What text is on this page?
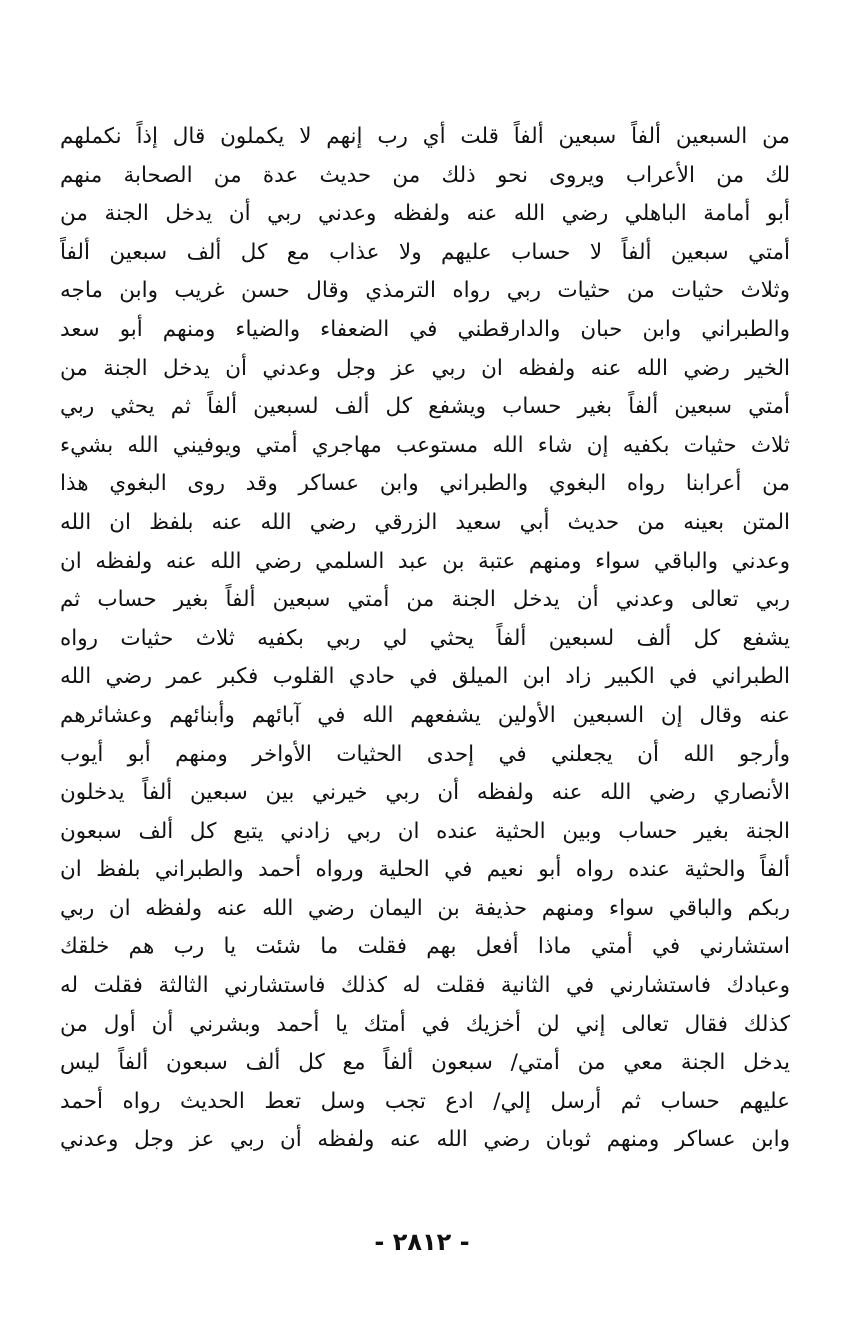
من السبعين ألفاً سبعين ألفاً قلت أي رب إنهم لا يكملون قال إذاً نكملهم
لك من الأعراب ويروى نحو ذلك من حديث عدة من الصحابة منهم
أبو أمامة الباهلي رضي الله عنه ولفظه وعدني ربي أن يدخل الجنة من
أمتي سبعين ألفاً لا حساب عليهم ولا عذاب مع كل ألف سبعين ألفاً
وثلاث حثيات من حثيات ربي رواه الترمذي وقال حسن غريب وابن ماجه
والطبراني وابن حبان والدارقطني في الضعفاء والضياء ومنهم أبو سعد
الخير رضي الله عنه ولفظه ان ربي عز وجل وعدني أن يدخل الجنة من
أمتي سبعين ألفاً بغير حساب ويشفع كل ألف لسبعين ألفاً ثم يحثي ربي
ثلاث حثيات بكفيه إن شاء الله مستوعب مهاجري أمتي ويوفيني الله بشيء
من أعرابنا رواه البغوي والطبراني وابن عساكر وقد روى البغوي هذا
المتن بعينه من حديث أبي سعيد الزرقي رضي الله عنه بلفظ ان الله
وعدني والباقي سواء ومنهم عتبة بن عبد السلمي رضي الله عنه ولفظه ان
ربي تعالى وعدني أن يدخل الجنة من أمتي سبعين ألفاً بغير حساب ثم
يشفع كل ألف لسبعين ألفاً يحثي لي ربي بكفيه ثلاث حثيات رواه
الطبراني في الكبير زاد ابن الميلق في حادي القلوب فكبر عمر رضي الله
عنه وقال إن السبعين الأولين يشفعهم الله في آبائهم وأبنائهم وعشائرهم
وأرجو الله أن يجعلني في إحدى الحثيات الأواخر ومنهم أبو أيوب
الأنصاري رضي الله عنه ولفظه أن ربي خيرني بين سبعين ألفاً يدخلون
الجنة بغير حساب وبين الحثية عنده ان ربي زادني يتبع كل ألف سبعون
ألفاً والحثية عنده رواه أبو نعيم في الحلية ورواه أحمد والطبراني بلفظ ان
ربكم والباقي سواء ومنهم حذيفة بن اليمان رضي الله عنه ولفظه ان ربي
استشارني في أمتي ماذا أفعل بهم فقلت ما شئت يا رب هم خلقك
وعبادك فاستشارني في الثانية فقلت له كذلك فاستشارني الثالثة فقلت له
كذلك فقال تعالى إني لن أخزيك في أمتك يا أحمد وبشرني أن أول من
يدخل الجنة معي من أمتي/ سبعون ألفاً مع كل ألف سبعون ألفاً ليس
عليهم حساب ثم أرسل إلي/ ادع تجب وسل تعط الحديث رواه أحمد
وابن عساكر ومنهم ثوبان رضي الله عنه ولفظه أن ربي عز وجل وعدني
- ٢٨١٢ -
